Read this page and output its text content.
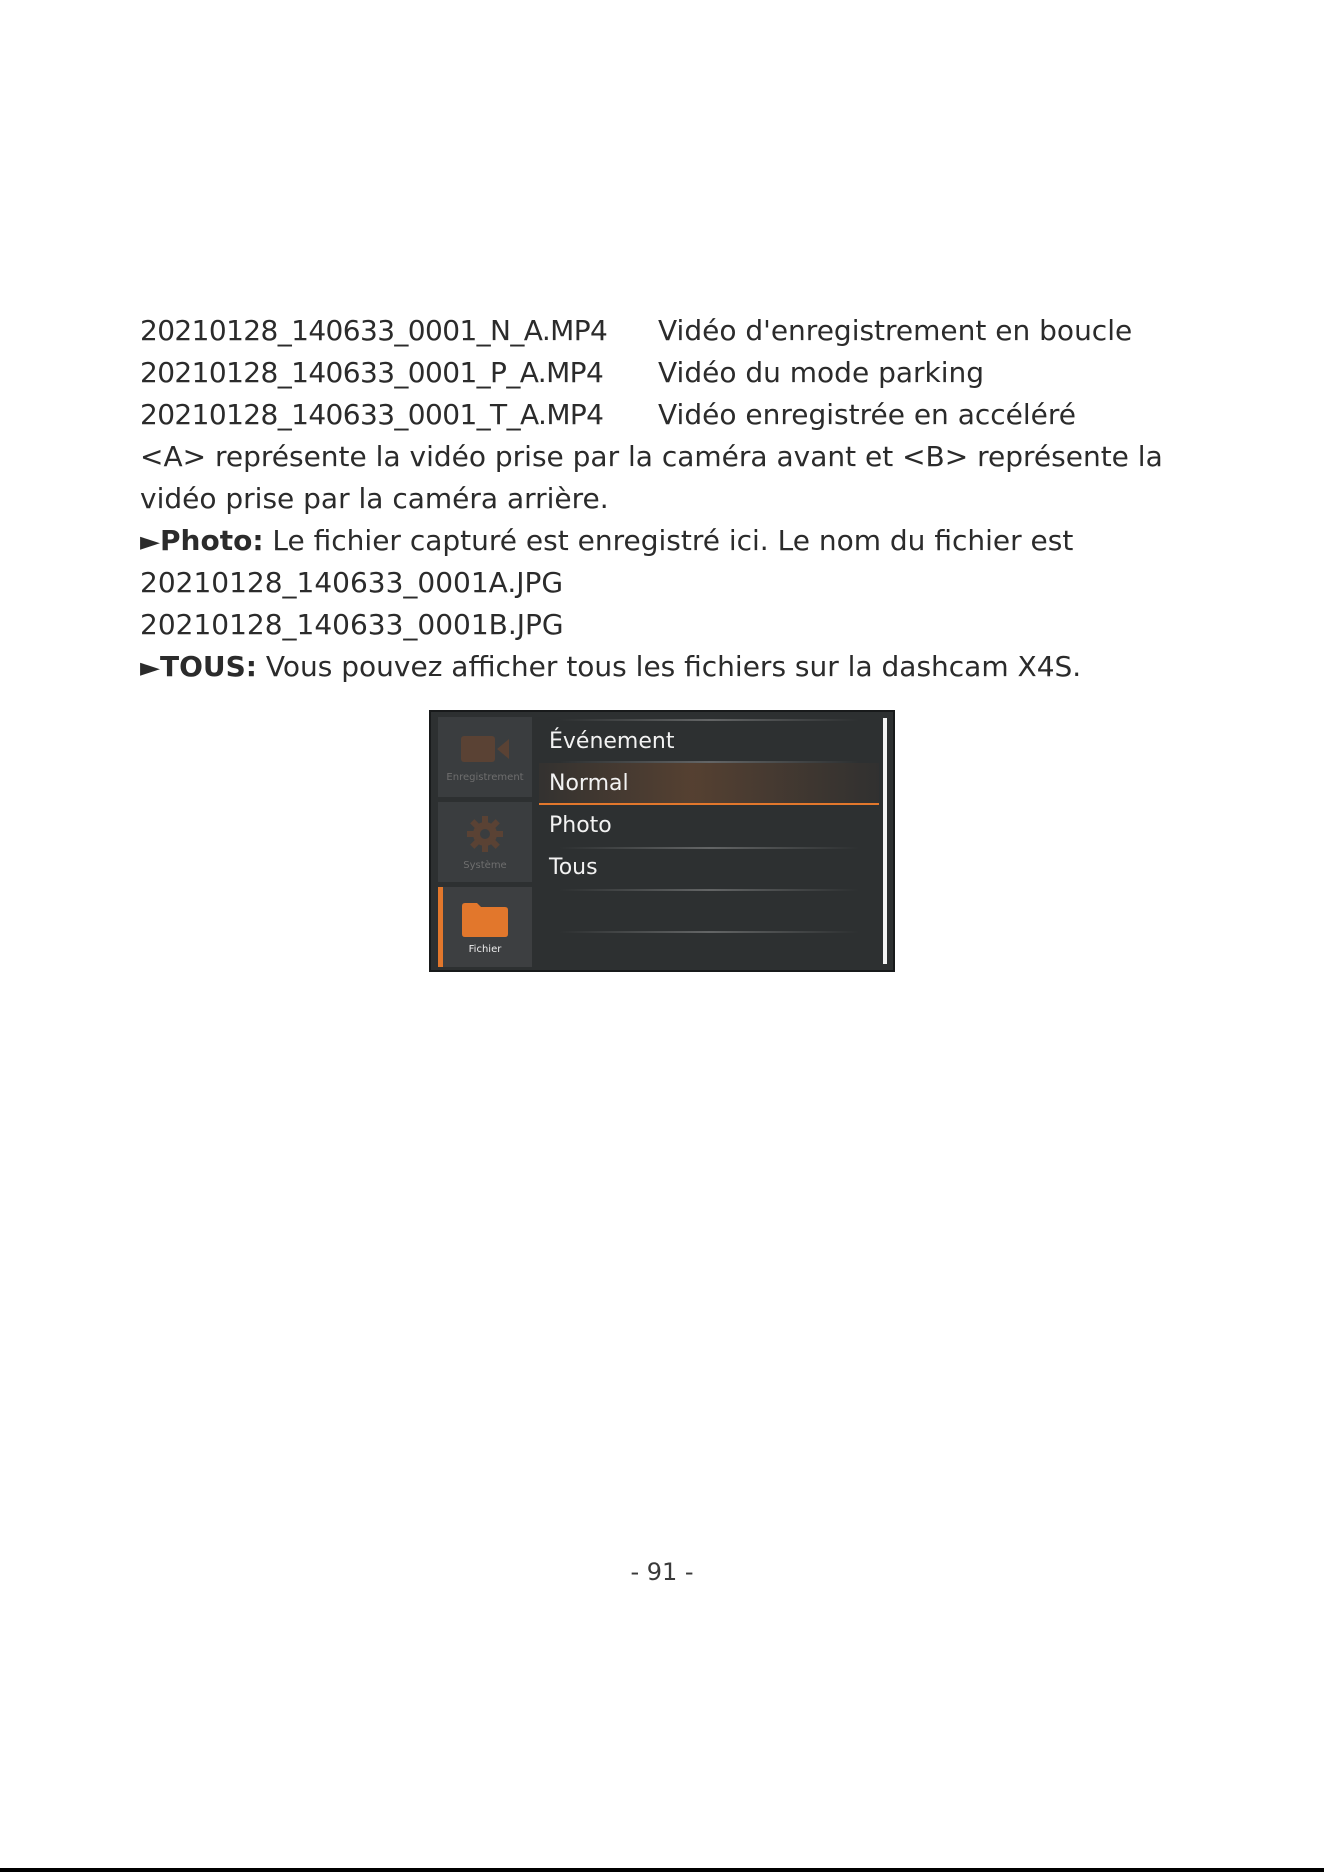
20210128_140633_0001_N_A.MP4 Vidéo d'enregistrement en boucle
20210128_140633_0001_P_A.MP4 Vidéo du mode parking
20210128_140633_0001_T_A.MP4 Vidéo enregistrée en accéléré
<A> représente la vidéo prise par la caméra avant et <B> représente la
vidéo prise par la caméra arrière.
►Photo: Le fichier capturé est enregistré ici. Le nom du fichier est
20210128_140633_0001A.JPG
20210128_140633_0001B.JPG
►TOUS: Vous pouvez afficher tous les fichiers sur la dashcam X4S.
Enregistrement
Système
Fichier
Événement
Normal
Photo
Tous
- 91 -
